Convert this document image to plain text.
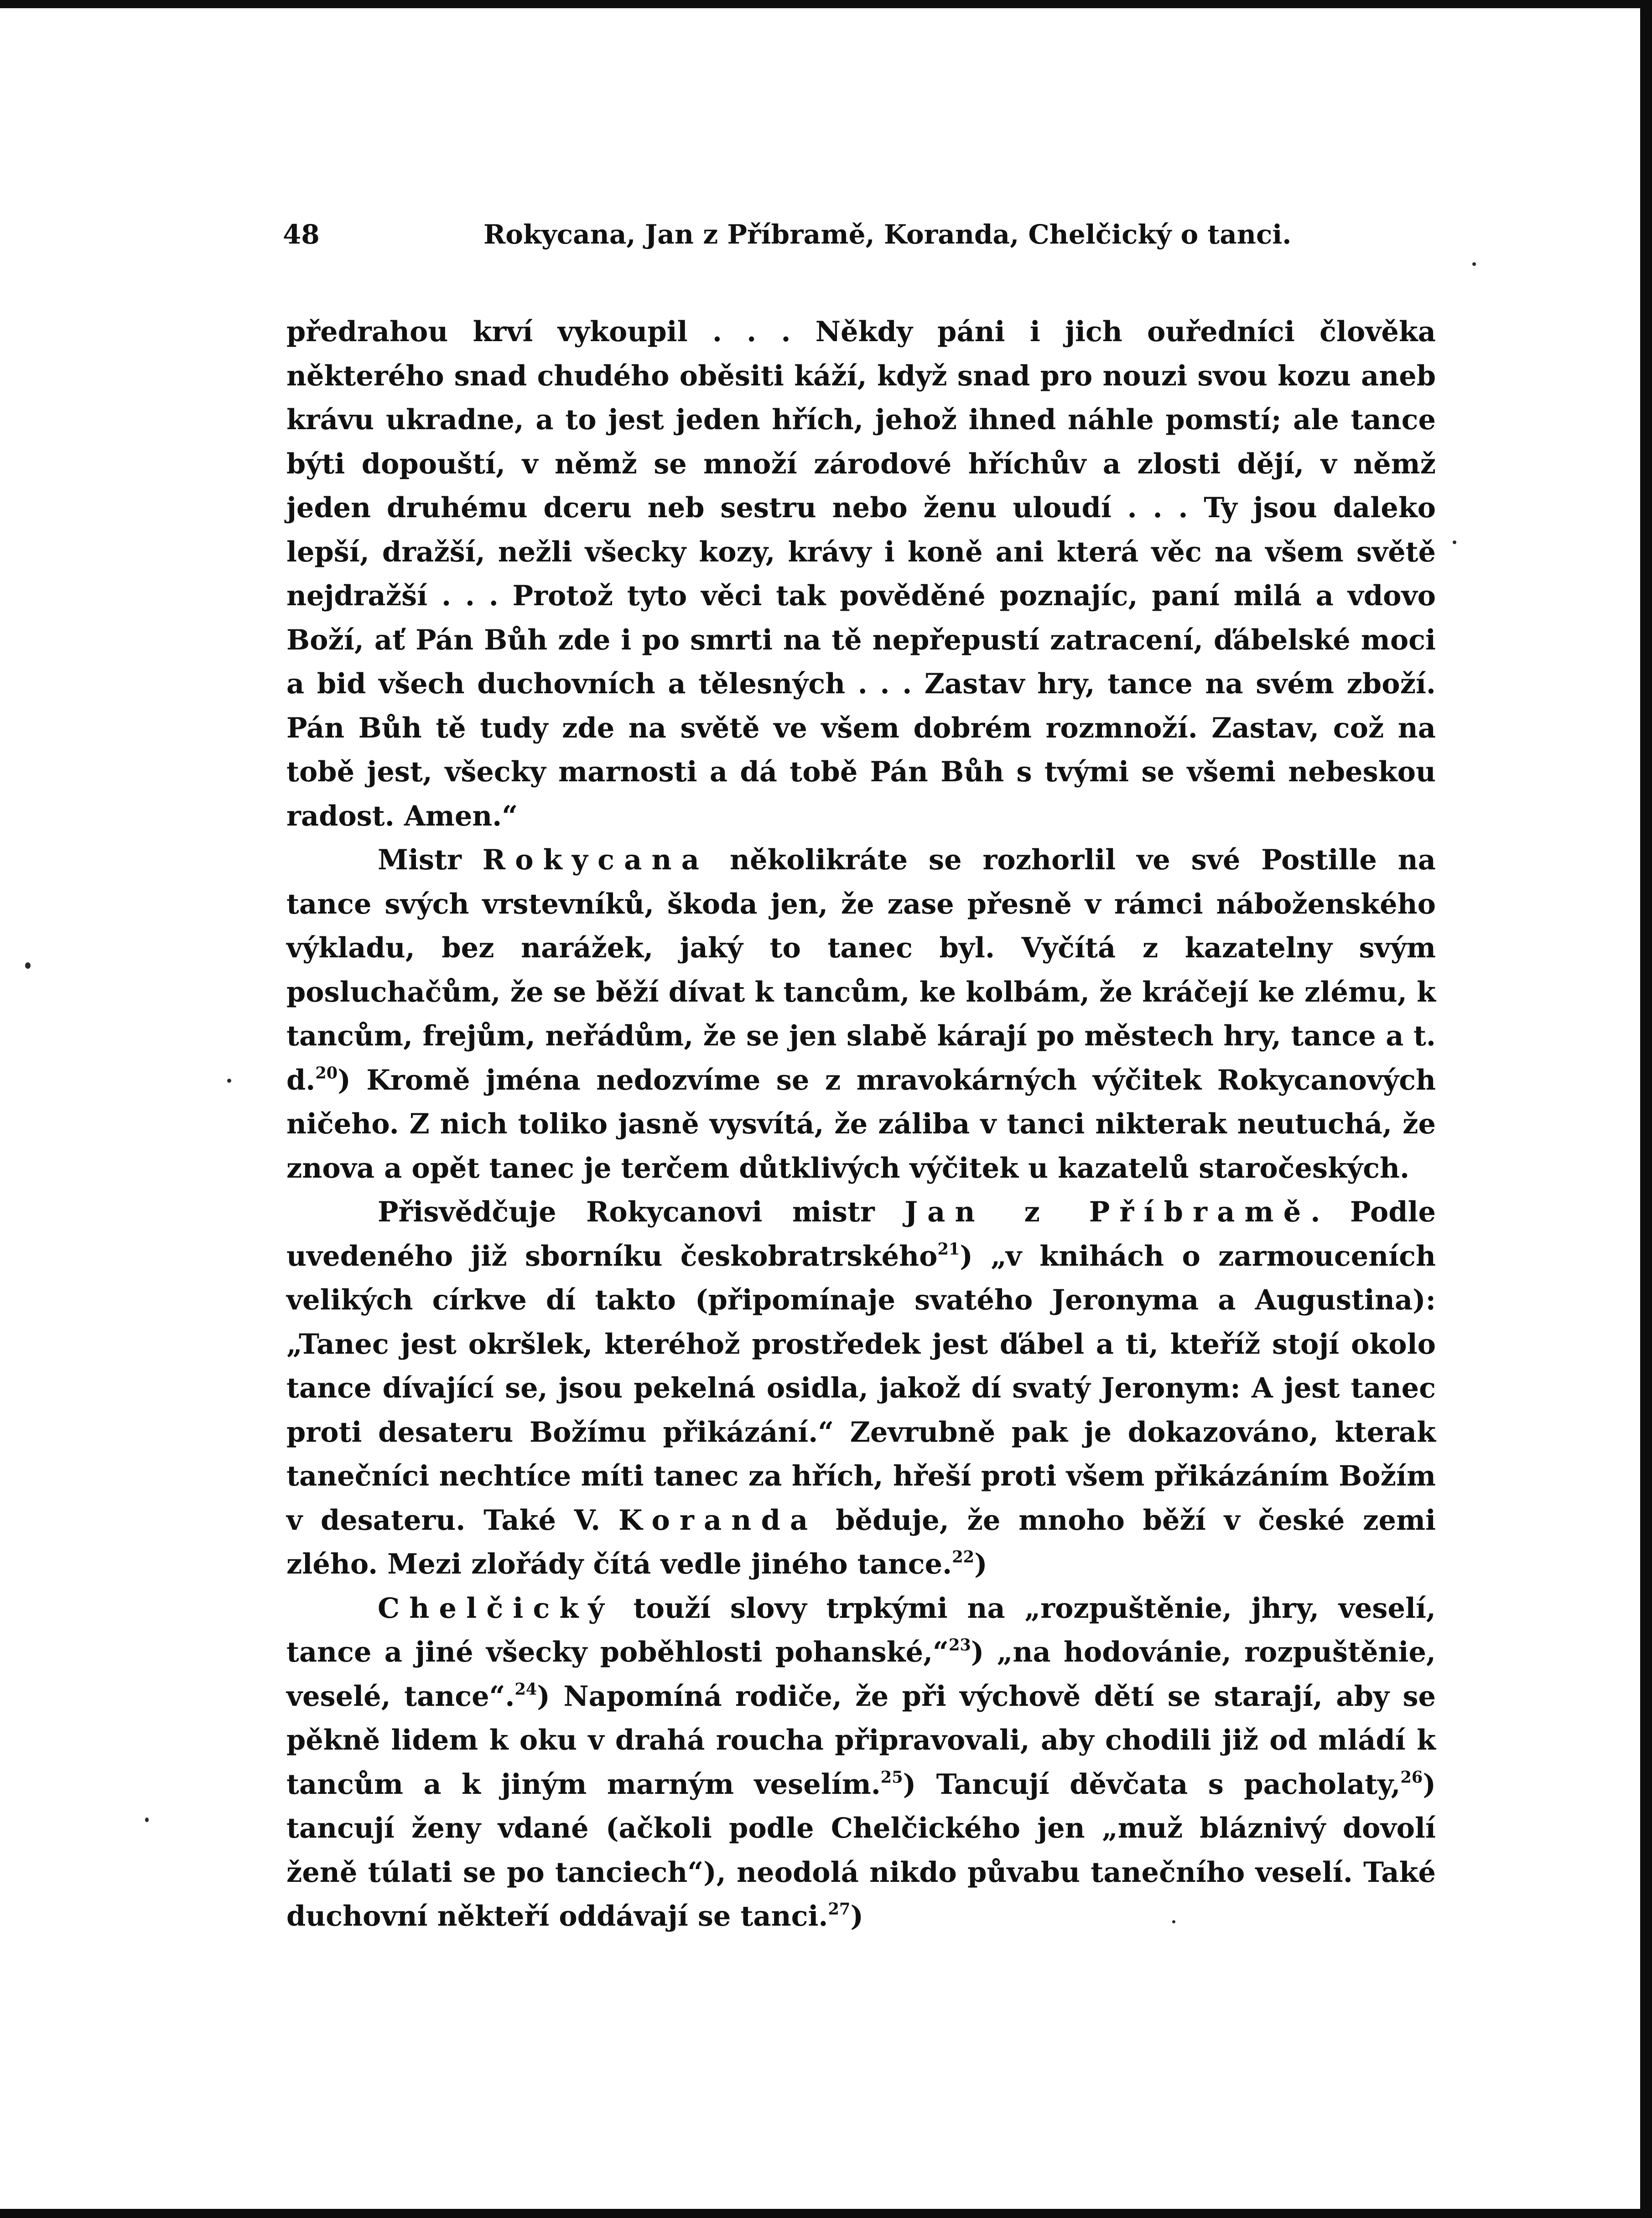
48	Rokycana, Jan z Příbramě, Koranda, Chelčický o tanci.

předrahou krví vykoupil . . . Někdy páni i jich ouředníci člověka některého snad chudého oběsiti káží, když snad pro nouzi svou kozu aneb krávu ukradne, a to jest jeden hřích, jehož ihned náhle pomstí; ale tance býti dopouští, v němž se množí zárodové hříchův a zlosti dějí, v němž jeden druhému dceru neb sestru nebo ženu uloudí . . . Ty jsou daleko lepší, dražší, nežli všecky kozy, krávy i koně ani která věc na všem světě nejdražší . . . Protož tyto věci tak pověděné poznajíc, paní milá a vdovo Boží, ať Pán Bůh zde i po smrti na tě nepřepustí zatracení, ďábelské moci a bid všech duchovních a tělesných . . . Zastav hry, tance na svém zboží. Pán Bůh tě tudy zde na světě ve všem dobrém rozmnoží. Zastav, což na tobě jest, všecky marnosti a dá tobě Pán Bůh s tvými se všemi nebeskou radost. Amen.“

Mistr Rokycana několikráte se rozhorlil ve své Postille na tance svých vrstevníků, škoda jen, že zase přesně v rámci náboženského výkladu, bez narážek, jaký to tanec byl. Vyčítá z kazatelny svým posluchačům, že se běží dívat k tancům, ke kolbám, že kráčejí ke zlému, k tancům, frejům, neřádům, že se jen slabě kárají po městech hry, tance a t. d.$^{20}$) Kromě jména nedozvíme se z mravokárných výčitek Rokycanových ničeho. Z nich toliko jasně vysvítá, že záliba v tanci nikterak neutuchá, že znova a opět tanec je terčem důtklivých výčitek u kazatelů staročeských.

Přisvědčuje Rokycanovi mistr Jan z Příbramě. Podle uvedeného již sborníku českobratrského$^{21}$) „v knihách o zarmouceních velikých církve dí takto (připomínaje svatého Jeronyma a Augustina): „Tanec jest okršlek, kteréhož prostředek jest ďábel a ti, kteříž stojí okolo tance dívající se, jsou pekelná osidla, jakož dí svatý Jeronym: A jest tanec proti desateru Božímu přikázání.“ Zevrubně pak je dokazováno, kterak tanečníci nechtíce míti tanec za hřích, hřeší proti všem přikázáním Božím v desateru. Také V. Koranda běduje, že mnoho běží v české zemi zlého. Mezi zlořády čítá vedle jiného tance.$^{22}$)

Chelčický touží slovy trpkými na „rozpuštěnie, jhry, veselí, tance a jiné všecky poběhlosti pohanské,“$^{23}$) „na hodovánie, rozpuštěnie, veselé, tance“.$^{24}$) Napomíná rodiče, že při výchově dětí se starají, aby se pěkně lidem k oku v drahá roucha připravovali, aby chodili již od mládí k tancům a k jiným marným veselím.$^{25}$) Tancují děvčata s pacholaty,$^{26}$) tancují ženy vdané (ačkoli podle Chelčického jen „muž bláznivý dovolí ženě túlati se po tanciech“), neodolá nikdo půvabu tanečního veselí. Také duchovní někteří oddávají se tanci.$^{27}$)
